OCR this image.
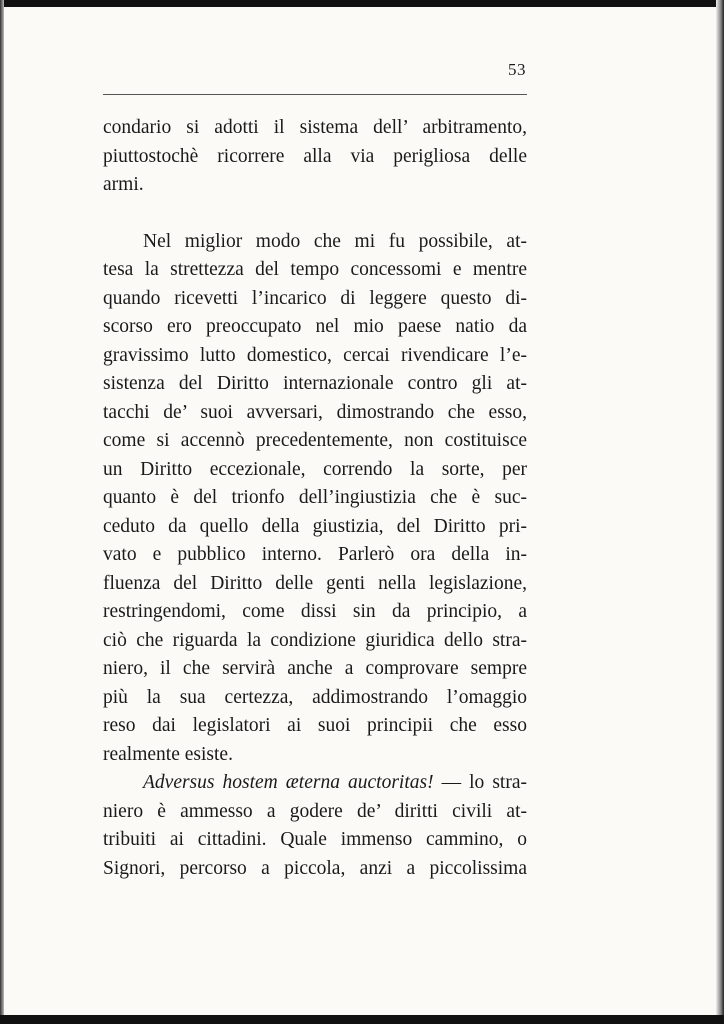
53

condario si adotti il sistema dell’ arbitramento,
piuttostochè ricorrere alla via perigliosa delle
armi.

Nel miglior modo che mi fu possibile, at-
tesa la strettezza del tempo concessomi e mentre
quando ricevetti l’incarico di leggere questo di-
scorso ero preoccupato nel mio paese natio da
gravissimo lutto domestico, cercai rivendicare l’e-
sistenza del Diritto internazionale contro gli at-
tacchi de’ suoi avversari, dimostrando che esso,
come si accennò precedentemente, non costituisce
un Diritto eccezionale, correndo la sorte, per
quanto è del trionfo dell’ingiustizia che è suc-
ceduto da quello della giustizia, del Diritto pri-
vato e pubblico interno. Parlerò ora della in-
fluenza del Diritto delle genti nella legislazione,
restringendomi, come dissi sin da principio, a
ciò che riguarda la condizione giuridica dello stra-
niero, il che servirà anche a comprovare sempre
più la sua certezza, addimostrando l’omaggio
reso dai legislatori ai suoi principii che esso
realmente esiste.

Adversus hostem æterna auctoritas! — lo stra-
niero è ammesso a godere de’ diritti civili at-
tribuiti ai cittadini. Quale immenso cammino, o
Signori, percorso a piccola, anzi a piccolissima
